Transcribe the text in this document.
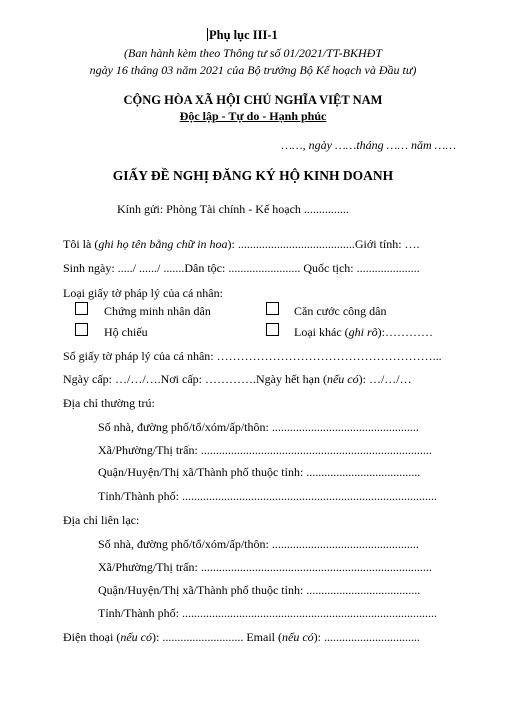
Phụ lục III-1
(Ban hành kèm theo Thông tư số 01/2021/TT-BKHĐT
ngày 16 tháng 03 năm 2021 của Bộ trưởng Bộ Kế hoạch và Đầu tư)
CỘNG HÒA XÃ HỘI CHỦ NGHĨA VIỆT NAM
Độc lập - Tự do - Hạnh phúc
……, ngày ……tháng …… năm ……
GIẤY ĐỀ NGHỊ ĐĂNG KÝ HỘ KINH DOANH
Kính gửi: Phòng Tài chính - Kế hoạch ...............
Tôi là (ghi họ tên bằng chữ in hoa): .......................................Giới tính: ….
Sinh ngày: ...../ ....../ .......Dân tộc: ........................ Quốc tịch: .....................
Loại giấy tờ pháp lý của cá nhân:
Chứng minh nhân dân	Căn cước công dân
Hộ chiếu	Loại khác (ghi rõ):…………
Số giấy tờ pháp lý của cá nhân: ………………………………………………...
Ngày cấp: …/…/….Nơi cấp: ………….Ngày hết hạn (nếu có): …/…/…
Địa chỉ thường trú:
Số nhà, đường phố/tổ/xóm/ấp/thôn: .................................................
Xã/Phường/Thị trấn: .............................................................................
Quận/Huyện/Thị xã/Thành phố thuộc tỉnh: ......................................
Tỉnh/Thành phố: .....................................................................................
Địa chỉ liên lạc:
Số nhà, đường phố/tổ/xóm/ấp/thôn: .................................................
Xã/Phường/Thị trấn: .............................................................................
Quận/Huyện/Thị xã/Thành phố thuộc tỉnh: ......................................
Tỉnh/Thành phố: .....................................................................................
Điện thoại (nếu có): ........................... Email (nếu có): ................................
